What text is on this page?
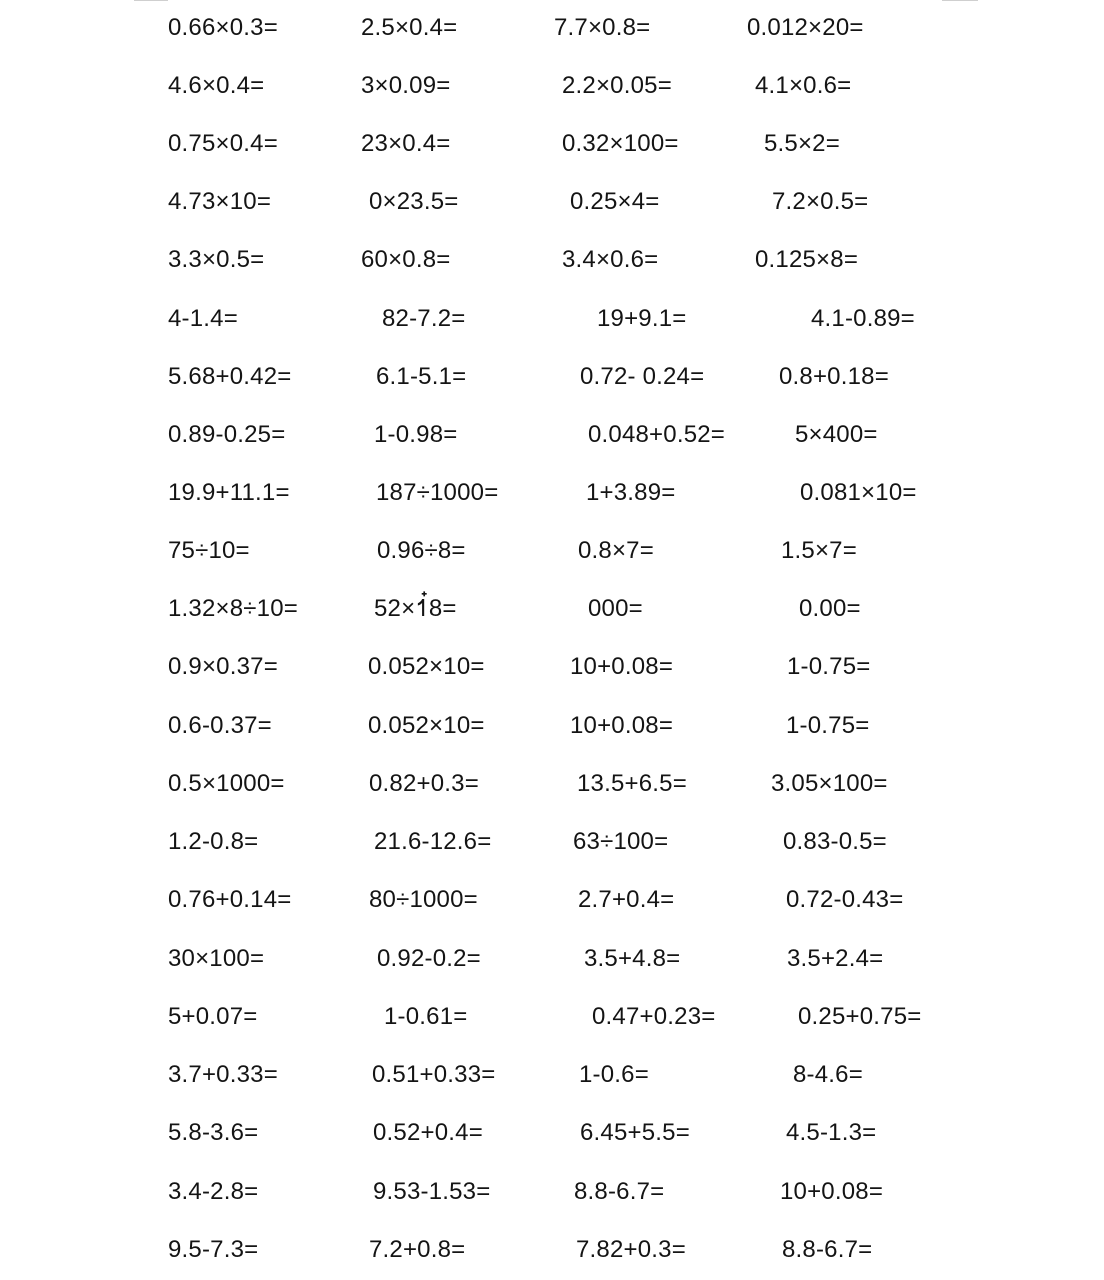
0.66×0.3=	2.5×0.4=	7.7×0.8=	0.012×20=
4.6×0.4=	3×0.09=	2.2×0.05=	4.1×0.6=
0.75×0.4=	23×0.4=	0.32×100=	5.5×2=
4.73×10=	0×23.5=	0.25×4=	7.2×0.5=
3.3×0.5=	60×0.8=	3.4×0.6=	0.125×8=
4-1.4=	82-7.2=	19+9.1=	4.1-0.89=
5.68+0.42=	6.1-5.1=	0.72- 0.24=	0.8+0.18=
0.89-0.25=	1-0.98=	0.048+0.52=	5×400=
19.9+11.1=	187÷1000=	1+3.89=	0.081×10=
75÷10=	0.96÷8=	0.8×7=	1.5×7=
1.32×8÷10=	52×1๋8=	000=	0.00=
0.9×0.37=	0.052×10=	10+0.08=	1-0.75=
0.6-0.37=	0.052×10=	10+0.08=	1-0.75=
0.5×1000=	0.82+0.3=	13.5+6.5=	3.05×100=
1.2-0.8=	21.6-12.6=	63÷100=	0.83-0.5=
0.76+0.14=	80÷1000=	2.7+0.4=	0.72-0.43=
30×100=	0.92-0.2=	3.5+4.8=	3.5+2.4=
5+0.07=	1-0.61=	0.47+0.23=	0.25+0.75=
3.7+0.33=	0.51+0.33=	1-0.6=	8-4.6=
5.8-3.6=	0.52+0.4=	6.45+5.5=	4.5-1.3=
3.4-2.8=	9.53-1.53=	8.8-6.7=	10+0.08=
9.5-7.3=	7.2+0.8=	7.82+0.3=	8.8-6.7=
